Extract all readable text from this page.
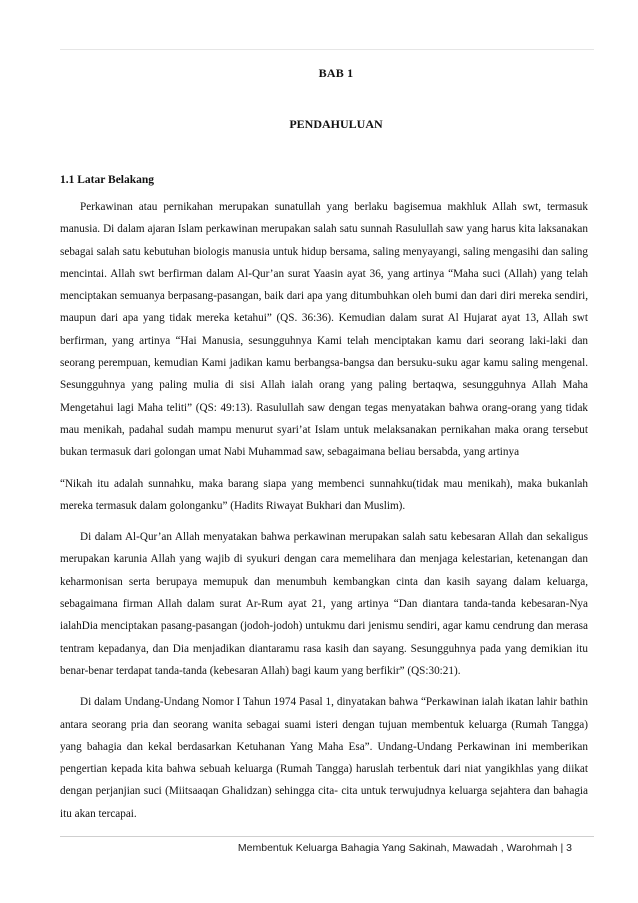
BAB 1
PENDAHULUAN
1.1 Latar Belakang

Perkawinan atau pernikahan merupakan sunatullah yang berlaku bagisemua makhluk Allah swt, termasuk manusia. Di dalam ajaran Islam perkawinan merupakan salah satu sunnah Rasulullah saw yang harus kita laksanakan sebagai salah satu kebutuhan biologis manusia untuk hidup bersama, saling menyayangi, saling mengasihi dan saling mencintai. Allah swt berfirman dalam Al-Qur’an surat Yaasin ayat 36, yang artinya “Maha suci (Allah) yang telah menciptakan semuanya berpasang-pasangan, baik dari apa yang ditumbuhkan oleh bumi dan dari diri mereka sendiri, maupun dari apa yang tidak mereka ketahui” (QS. 36:36). Kemudian dalam surat Al Hujarat ayat 13, Allah swt berfirman, yang artinya “Hai Manusia, sesungguhnya Kami telah menciptakan kamu dari seorang laki-laki dan seorang perempuan, kemudian Kami jadikan kamu berbangsa-bangsa dan bersuku-suku agar kamu saling mengenal. Sesungguhnya yang paling mulia di sisi Allah ialah orang yang paling bertaqwa, sesungguhnya Allah Maha Mengetahui lagi Maha teliti” (QS: 49:13). Rasulullah saw dengan tegas menyatakan bahwa orang-orang yang tidak mau menikah, padahal sudah mampu menurut syari’at Islam untuk melaksanakan pernikahan maka orang tersebut bukan termasuk dari golongan umat Nabi Muhammad saw, sebagaimana beliau bersabda, yang artinya

“Nikah itu adalah sunnahku, maka barang siapa yang membenci sunnahku(tidak mau menikah), maka bukanlah mereka termasuk dalam golonganku” (Hadits Riwayat Bukhari dan Muslim).

Di dalam Al-Qur’an Allah menyatakan bahwa perkawinan merupakan salah satu kebesaran Allah dan sekaligus merupakan karunia Allah yang wajib di syukuri dengan cara memelihara dan menjaga kelestarian, ketenangan dan keharmonisan serta berupaya memupuk dan menumbuh kembangkan cinta dan kasih sayang dalam keluarga, sebagaimana firman Allah dalam surat Ar-Rum ayat 21, yang artinya “Dan diantara tanda-tanda kebesaran-Nya ialahDia menciptakan pasang-pasangan (jodoh-jodoh) untukmu dari jenismu sendiri, agar kamu cendrung dan merasa tentram kepadanya, dan Dia menjadikan diantaramu rasa kasih dan sayang. Sesungguhnya pada yang demikian itu benar-benar terdapat tanda-tanda (kebesaran Allah) bagi kaum yang berfikir” (QS:30:21).

Di dalam Undang-Undang Nomor I Tahun 1974 Pasal 1, dinyatakan bahwa “Perkawinan ialah ikatan lahir bathin antara seorang pria dan seorang wanita sebagai suami isteri dengan tujuan membentuk keluarga (Rumah Tangga) yang bahagia dan kekal berdasarkan Ketuhanan Yang Maha Esa”. Undang-Undang Perkawinan ini memberikan pengertian kepada kita bahwa sebuah keluarga (Rumah Tangga) haruslah terbentuk dari niat yangikhlas yang diikat dengan perjanjian suci (Miitsaaqan Ghalidzan) sehingga cita- cita untuk terwujudnya keluarga sejahtera dan bahagia itu akan tercapai.

Membentuk Keluarga Bahagia Yang Sakinah, Mawadah , Warohmah | 3
